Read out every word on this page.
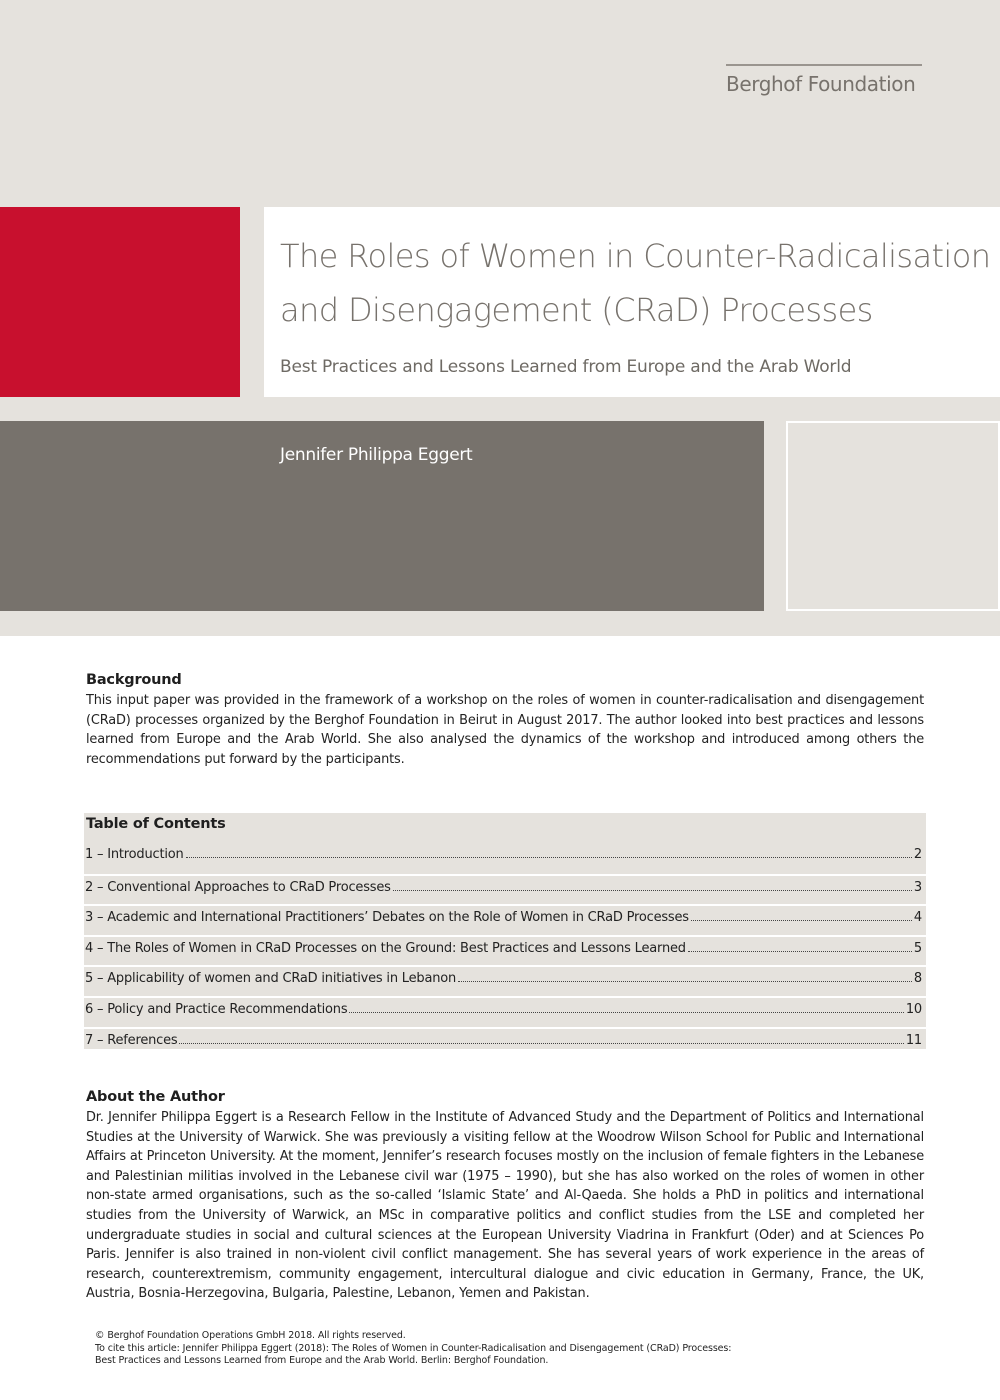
Berghof Foundation
The Roles of Women in Counter-Radicalisation and Disengagement (CRaD) Processes
Best Practices and Lessons Learned from Europe and the Arab World
Jennifer Philippa Eggert
Background

This input paper was provided in the framework of a workshop on the roles of women in counter-radicalisation and disengagement (CRaD) processes organized by the Berghof Foundation in Beirut in August 2017. The author looked into best practices and lessons learned from Europe and the Arab World. She also analysed the dynamics of the workshop and introduced among others the recommendations put forward by the participants.

Table of Contents
1 – Introduction	2
2 – Conventional Approaches to CRaD Processes	3
3 – Academic and International Practitioners’ Debates on the Role of Women in CRaD Processes	4
4 – The Roles of Women in CRaD Processes on the Ground: Best Practices and Lessons Learned	5
5 – Applicability of women and CRaD initiatives in Lebanon	8
6 – Policy and Practice Recommendations	10
7 – References	11
About the Author

Dr. Jennifer Philippa Eggert is a Research Fellow in the Institute of Advanced Study and the Department of Politics and International Studies at the University of Warwick. She was previously a visiting fellow at the Woodrow Wilson School for Public and International Affairs at Princeton University. At the moment, Jennifer’s research focuses mostly on the inclusion of female fighters in the Lebanese and Palestinian militias involved in the Lebanese civil war (1975 – 1990), but she has also worked on the roles of women in other non-state armed organisations, such as the so-called ‘Islamic State’ and Al-Qaeda. She holds a PhD in politics and international studies from the University of Warwick, an MSc in comparative politics and conflict studies from the LSE and completed her undergraduate studies in social and cultural sciences at the European University Viadrina in Frankfurt (Oder) and at Sciences Po Paris. Jennifer is also trained in non-violent civil conflict management. She has several years of work experience in the areas of research, counterextremism, community engagement, intercultural dialogue and civic education in Germany, France, the UK, Austria, Bosnia-Herzegovina, Bulgaria, Palestine, Lebanon, Yemen and Pakistan.

© Berghof Foundation Operations GmbH 2018. All rights reserved.
To cite this article: Jennifer Philippa Eggert (2018): The Roles of Women in Counter-Radicalisation and Disengagement (CRaD) Processes:
Best Practices and Lessons Learned from Europe and the Arab World. Berlin: Berghof Foundation.
